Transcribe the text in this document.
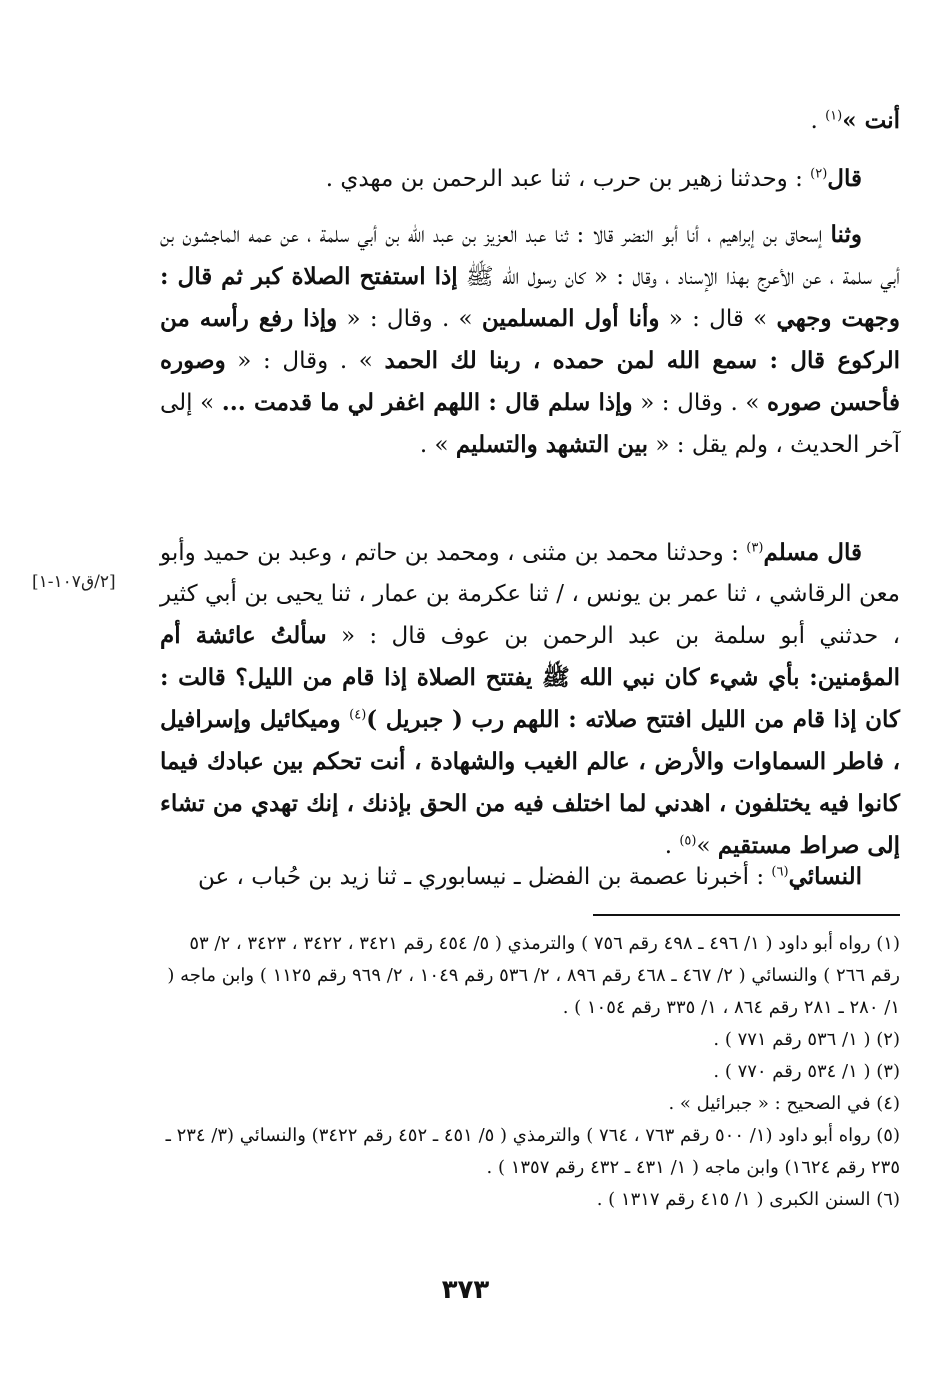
أنت »$^{(١)}$ .

قال$^{(٢)}$ : وحدثنا زهير بن حرب ، ثنا عبد الرحمن بن مهدي .

وثنا إسحاق بن إبراهيم ، أنا أبو النضر قالا : ثنا عبد العزيز بن عبد الله بن أبي سلمة ، عن عمه الماجشون بن أبي سلمة ، عن الأعرج بهذا الإسناد ، وقال : « كان رسول الله ﷺ إذا استفتح الصلاة كبر ثم قال : وجهت وجهي » قال : « وأنا أول المسلمين » . وقال : « وإذا رفع رأسه من الركوع قال : سمع الله لمن حمده ، ربنا لك الحمد » . وقال : « وصوره فأحسن صوره » . وقال : « وإذا سلم قال : اللهم اغفر لي ما قدمت ... » إلى آخر الحديث ، ولم يقل : « بين التشهد والتسليم » .

[٢/ق١٠٧-١]

قال مسلم$^{(٣)}$ : وحدثنا محمد بن مثنى ، ومحمد بن حاتم ، وعبد بن حميد وأبو معن الرقاشي ، ثنا عمر بن يونس ، / ثنا عكرمة بن عمار ، ثنا يحيى بن أبي كثير ، حدثني أبو سلمة بن عبد الرحمن بن عوف قال : « سألتُ عائشة أم المؤمنين: بأي شيء كان نبي الله ﷺ يفتتح الصلاة إذا قام من الليل؟ قالت : كان إذا قام من الليل افتتح صلاته : اللهم رب ( جبريل )$^{(٤)}$ وميكائيل وإسرافيل ، فاطر السماوات والأرض ، عالم الغيب والشهادة ، أنت تحكم بين عبادك فيما كانوا فيه يختلفون ، اهدني لما اختلف فيه من الحق بإذنك ، إنك تهدي من تشاء إلى صراط مستقيم »$^{(٥)}$ .

النسائي$^{(٦)}$ : أخبرنا عصمة بن الفضل ـ نيسابوري ـ ثنا زيد بن حُباب ، عن

(١) رواه أبو داود ( ١/ ٤٩٦ ـ ٤٩٨ رقم ٧٥٦ ) والترمذي ( ٥/ ٤٥٤ رقم ٣٤٢١ ، ٣٤٢٢ ، ٣٤٢٣ ، ٢/ ٥٣ رقم ٢٦٦ ) والنسائي ( ٢/ ٤٦٧ ـ ٤٦٨ رقم ٨٩٦ ، ٢/ ٥٣٦ رقم ١٠٤٩ ، ٢/ ٩٦٩ رقم ١١٢٥ ) وابن ماجه ( ١/ ٢٨٠ ـ ٢٨١ رقم ٨٦٤ ، ١/ ٣٣٥ رقم ١٠٥٤ ) .

(٢) ( ١/ ٥٣٦ رقم ٧٧١ ) .

(٣) ( ١/ ٥٣٤ رقم ٧٧٠ ) .

(٤) في الصحيح : « جبرائيل » .

(٥) رواه أبو داود (١/ ٥٠٠ رقم ٧٦٣ ، ٧٦٤ ) والترمذي ( ٥/ ٤٥١ ـ ٤٥٢ رقم ٣٤٢٢) والنسائي (٣/ ٢٣٤ ـ ٢٣٥ رقم ١٦٢٤) وابن ماجه ( ١/ ٤٣١ ـ ٤٣٢ رقم ١٣٥٧ ) .

(٦) السنن الكبرى ( ١/ ٤١٥ رقم ١٣١٧ ) .

٣٧٣
